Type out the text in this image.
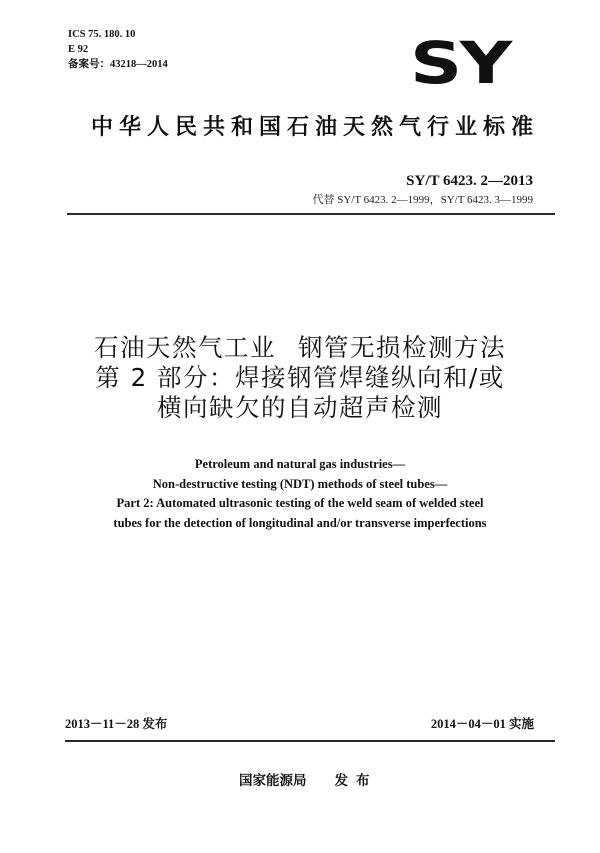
ICS 75. 180. 10
E 92
备案号：43218—2014	SY
中华人民共和国石油天然气行业标准
SY/T 6423. 2—2013
代替 SY/T 6423. 2—1999，SY/T 6423. 3—1999
石油天然气工业 钢管无损检测方法
第 2 部分：焊接钢管焊缝纵向和/或
横向缺欠的自动超声检测
Petroleum and natural gas industries—
Non-destructive testing (NDT) methods of steel tubes—
Part 2: Automated ultrasonic testing of the weld seam of welded steel
tubes for the detection of longitudinal and/or transverse imperfections
2013－11－28 发布	2014－04－01 实施
国家能源局 发布
